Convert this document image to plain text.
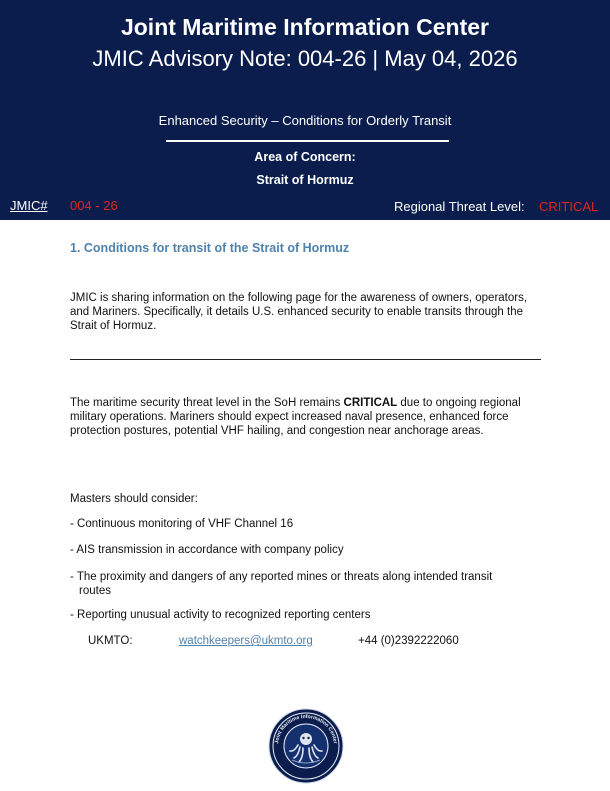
Joint Maritime Information Center
JMIC Advisory Note: 004-26 | May 04, 2026
Enhanced Security – Conditions for Orderly Transit
Area of Concern:
Strait of Hormuz
JMIC# 004 - 26	Regional Threat Level: CRITICAL
1. Conditions for transit of the Strait of Hormuz
JMIC is sharing information on the following page for the awareness of owners, operators, and Mariners. Specifically, it details U.S. enhanced security to enable transits through the Strait of Hormuz.
The maritime security threat level in the SoH remains CRITICAL due to ongoing regional military operations. Mariners should expect increased naval presence, enhanced force protection postures, potential VHF hailing, and congestion near anchorage areas.
Masters should consider:
- Continuous monitoring of VHF Channel 16
- AIS transmission in accordance with company policy
- The proximity and dangers of any reported mines or threats along intended transit
routes
- Reporting unusual activity to recognized reporting centers
UKMTO:	watchkeepers@ukmto.org	+44 (0)2392222060
Joint Maritime Information Center
